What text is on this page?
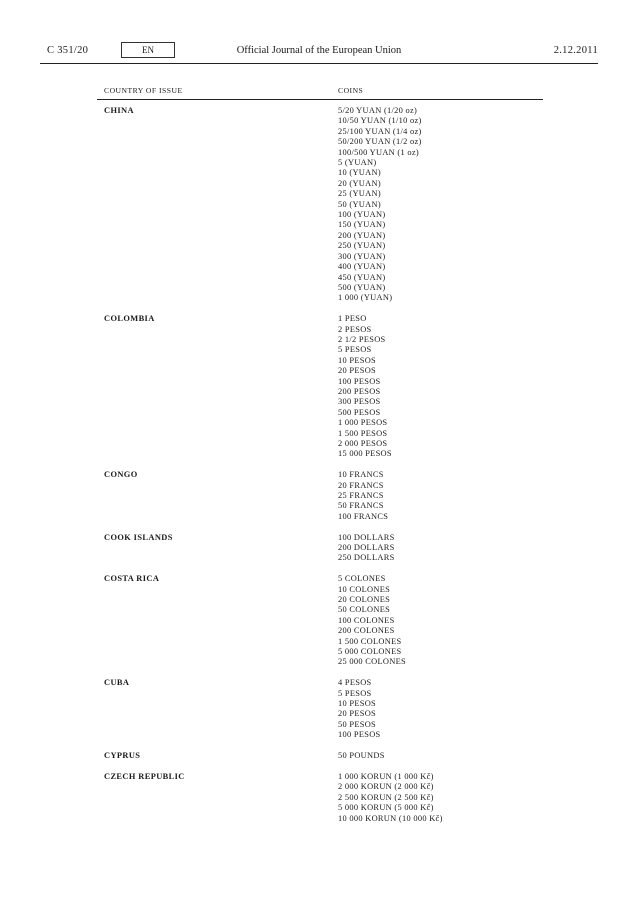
C 351/20	EN	Official Journal of the European Union	2.12.2011
COUNTRY OF ISSUE	COINS
CHINA	5/20 YUAN (1/20 oz)
10/50 YUAN (1/10 oz)
25/100 YUAN (1/4 oz)
50/200 YUAN (1/2 oz)
100/500 YUAN (1 oz)
5 (YUAN)
10 (YUAN)
20 (YUAN)
25 (YUAN)
50 (YUAN)
100 (YUAN)
150 (YUAN)
200 (YUAN)
250 (YUAN)
300 (YUAN)
400 (YUAN)
450 (YUAN)
500 (YUAN)
1 000 (YUAN)
COLOMBIA	1 PESO
2 PESOS
2 1/2 PESOS
5 PESOS
10 PESOS
20 PESOS
100 PESOS
200 PESOS
300 PESOS
500 PESOS
1 000 PESOS
1 500 PESOS
2 000 PESOS
15 000 PESOS
CONGO	10 FRANCS
20 FRANCS
25 FRANCS
50 FRANCS
100 FRANCS
COOK ISLANDS	100 DOLLARS
200 DOLLARS
250 DOLLARS
COSTA RICA	5 COLONES
10 COLONES
20 COLONES
50 COLONES
100 COLONES
200 COLONES
1 500 COLONES
5 000 COLONES
25 000 COLONES
CUBA	4 PESOS
5 PESOS
10 PESOS
20 PESOS
50 PESOS
100 PESOS
CYPRUS	50 POUNDS
CZECH REPUBLIC	1 000 KORUN (1 000 Kč)
2 000 KORUN (2 000 Kč)
2 500 KORUN (2 500 Kč)
5 000 KORUN (5 000 Kč)
10 000 KORUN (10 000 Kč)
